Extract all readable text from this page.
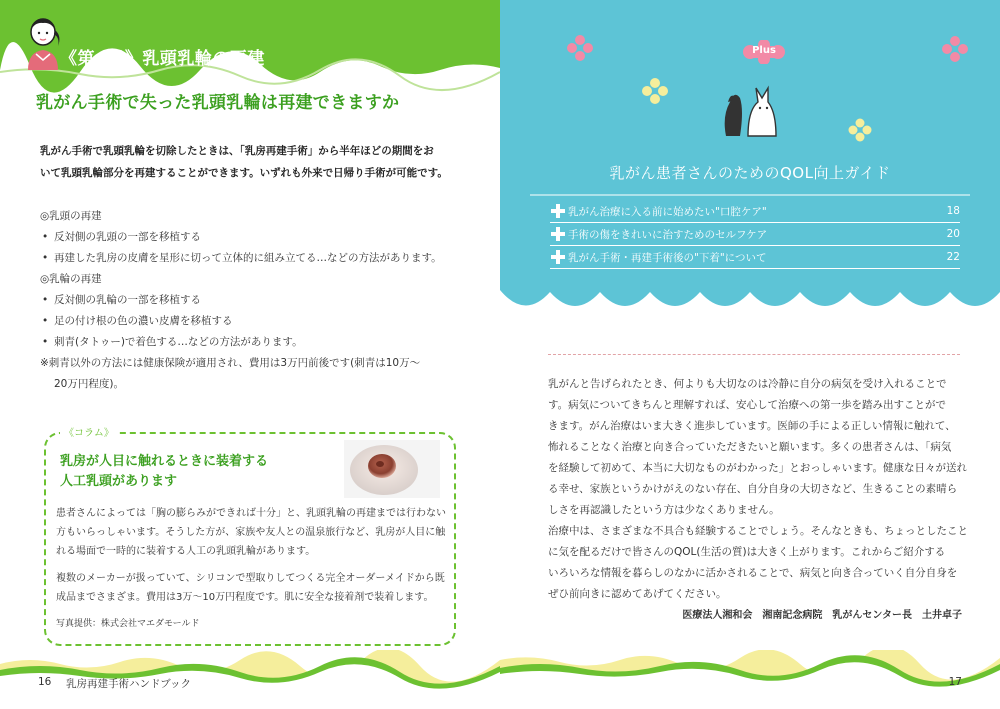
《第4章》乳頭乳輪の再建
乳がん手術で失った乳頭乳輪は再建できますか
乳がん手術で乳頭乳輪を切除したときは、「乳房再建手術」から半年ほどの期間をお
いて乳頭乳輪部分を再建することができます。いずれも外来で日帰り手術が可能です。
◎乳頭の再建
• 反対側の乳頭の一部を移植する
• 再建した乳房の皮膚を星形に切って立体的に組み立てる…などの方法があります。
◎乳輪の再建
• 反対側の乳輪の一部を移植する
• 足の付け根の色の濃い皮膚を移植する
• 刺青(タトゥー)で着色する…などの方法があります。
※刺青以外の方法には健康保険が適用され、費用は3万円前後です(刺青は10万〜
20万円程度)。
《コラム》
乳房が人目に触れるときに装着する
人工乳頭があります

患者さんによっては「胸の膨らみができれば十分」と、乳頭乳輪の再建までは行わない
方もいらっしゃいます。そうした方が、家族や友人との温泉旅行など、乳房が人目に触
れる場面で一時的に装着する人工の乳頭乳輪があります。

複数のメーカーが扱っていて、シリコンで型取りしてつくる完全オーダーメイドから既
成品までさまざま。費用は3万〜10万円程度です。肌に安全な接着剤で装着します。

写真提供：株式会社マエダモールド
16 乳房再建手術ハンドブック
Plus
乳がん患者さんのためのQOL向上ガイド
乳がん治療に入る前に始めたい"口腔ケア"	18
手術の傷をきれいに治すためのセルフケア	20
乳がん手術・再建手術後の"下着"について	22
17
乳がんと告げられたとき、何よりも大切なのは冷静に自分の病気を受け入れることで
す。病気についてきちんと理解すれば、安心して治療への第一歩を踏み出すことがで
きます。がん治療はいま大きく進歩しています。医師の手による正しい情報に触れて、
怖れることなく治療と向き合っていただきたいと願います。多くの患者さんは、「病気
を経験して初めて、本当に大切なものがわかった」とおっしゃいます。健康な日々が送れ
る幸せ、家族というかけがえのない存在、自分自身の大切さなど、生きることの素晴ら
しさを再認識したという方は少なくありません。
治療中は、さまざまな不具合も経験することでしょう。そんなときも、ちょっとしたこと
に気を配るだけで皆さんのQOL(生活の質)は大きく上がります。これからご紹介する
いろいろな情報を暮らしのなかに活かされることで、病気と向き合っていく自分自身を
ぜひ前向きに認めてあげてください。
医療法人湘和会　湘南記念病院　乳がんセンター長　土井卓子
